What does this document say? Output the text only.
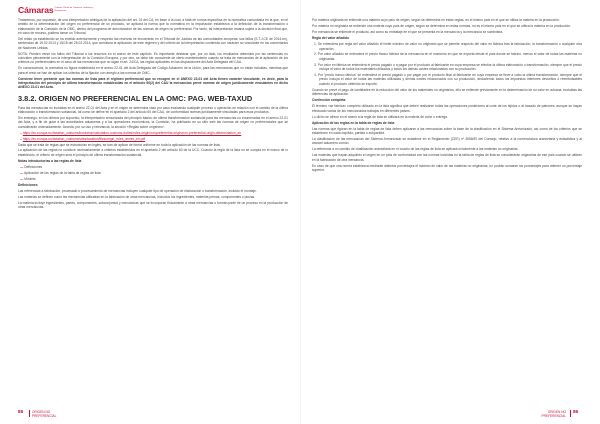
Cámaras Cámara Oficial de Comercio, Industria y Navegación

Trataremos, por supuesto, de una interpretación ambigua de la aplicación del art. 24 del CA, en base a la cual, a falta de norma específica en la normativa comunitaria en la que, en el ámbito de la determinación del origen no preferencial de un producto, se aplicará la norma que la normativa en la importación establezca a la definición de la transformación o elaboración de la Comisión de la OMC, dentro del programa de armonización de las normas de origen no preferencial. Por tanto, tal interpretación estaría sujeta a la decisión final que, en caso de recurso, pudiera tomar un Tribunal.

Del relato ya establecido se ha emitido anteriormente y respecto las reservas se encuentran en el Tribunal de Justicia de las comunidades europeas: sus fallos (S.T.J.CE de 2014-en), sentencias de 15.02.2013 y 15/18 del 25.02.2014, que cuestiona la aplicación de este régimen y del criterio de la interpretación contenida con carácter no vinculante en los comentarios de Naciones Unidas.

NOTA: Pueden verse los fallos del Tribunal a los recursos en el anexo de este capítulo. Es importante destacar que, por un lado, los resultados obtenidos por las sentencias no coinciden plenamente con la interpretación de la Comisión Europea, y por otro, se debe ser consciente de cierto mantenimiento cuando se trata de mercancías de la aplicación de los criterios no preferenciales en el caso de las mercancías que no sigan el art. 24/CA, las reglas aplicables en las disposiciones del Acta Delegada del CAU.

En consecuencia, la normativa no figura establecida en el anexo 22-01 del Acta Delegada del Código Aduanero de la Unión, para las mercancías que no están incluidas, mientras que para el resto se han de aplicar los criterios de la fijación con arreglo a las normas de OMC.

Conviene tener presente que las normas de lista para el régimen preferencial que se recogen en el ANEXO 22-01 del Acta tienen carácter vinculante, es decir, para la interpretación del principio de última transformación establecidas en el artículo 60(2) del CAU la mercancías prevé normas de origen jurídicamente vinculantes en dicho ANEXO 22-01 del Acta.

3.8.2. ORIGEN NO PREFERENCIAL EN LA OMC: PAG. WEB-TAXUD

Para las mercancías no incluidas en el anexo 22-01 del Acta y en el origen se determina caso por caso evaluando cualquier proceso u operación en relación con el cambio de la última elaboración o transformación sustancial, tal como se define en el apartado 2 del artículo 60 del CAU, de conformidad normas jurídicamente vinculadas para esos productos.

Sin embargo, en los últimos por supuesto, la interpretación armonizada del principio básico de última transformación sustancial para las mercancías no enumeradas en el anexo 22-01 del Acta, y a fin de guiar a las autoridades aduaneras y a los operadores económicos, la Comisión, ha publicado en su sitio web las normas de origen no preferenciales que se considerarán ordenadamente. Acceda, por su uso y relevancia, la sección «Reglas sobre orígenes».

– https://ec.europa.eu/taxation_customs/business/calculation-customs-duties/rules-origin/nonpreferential-origin/non-preferential-origin-determination_en

– https://ec.europa.eu/taxation_customs/sites/taxation/files/origin_rules_annex_en.pdf

Dada que se trata de reglas que se estructuran en inglés, se han de aplicar de forma uniforme en toda la aplicación de las normas de lista.

La aplicación de las reglas no conduce necesariamente a criterios establecidos en el apartado 2 del artículo 60 de la UCC. Cuando la regla de la lista no se cumpla en el marco de lo establecido, el criterio de origen será el principio de última transformación sustancial.

Notas introductorias a las reglas de lista

— Definiciones

— Aplicación de las reglas de la tabla de reglas de lista

— Mínimis

Definiciones

Las referencias a fabricación, procesado o procesamiento de mercancías incluyen cualquier tipo de operación de elaboración o transformación, incluido el montaje.

Las materias se definen como las mercancías utilizadas en la fabricación de otras mercancías, incluidos los ingredientes, materias primas, componentes o piezas.

La materia incluye ingredientes, partes, componentes, subconjuntos y mercancías que se incorporan físicamente a otras mercancías o forman parte de un proceso en la producción de otras mercancías.

85	ORIGEN NO PREFERENCIAL

Por materia originaria se entiende una materia cuyo país de origen, según se determina en estas reglas, es el mismo país en el que se utiliza la materia en la producción.

Por materia no originaria se entiende una materia cuyo país de origen, según se determina en estas normas, no es el mismo país en el que se utiliza la materia en la producción.

Por mercancía se entiende el producto, así como su embalaje en el que se presenta en la mercancía y la mercancía se suministra.

Regla del valor añadido

1. Se entenderá por regla del valor añadido el límite máximo de valor no originario que se permite respecto del valor en fábrica tras la fabricación, la transformación o cualquier otra operación.

2. Por valor añadido se entenderá el precio franco fábrica de la mercancía en el momento en que se exporta desde el país donde se fabricó, menos el valor de todas las materias no originarias.

3. Por valor en fábrica se entenderá el precio pagado o a pagar por el producto al fabricante en cuya empresa se efectúe la última elaboración o transformación, siempre que el precio incluya el valor de todos los materiales utilizados y todos los demás costes relacionados con su producción.

4. Por “precio franco fábrica” se entenderá el precio pagado o por pagar por el producto final al fabricante en cuya empresa se lleve a cabo la última transformación, siempre que el precio incluya el valor de todas las materias utilizadas y demás costes relacionados con su producción, deduciendo todos los impuestos interiores devueltos o reembolsables cuando el producto obtenido se exporte.

Cuando se prevé el pago de cantidades en la reducción del valor de los materiales no originarios, ello se entiende previamente en la determinación de su valor en aduana, excluidas las diferencias de aplicación.

Confección completa

El término «se fabrica» completo utilizado en la lista significa que deben realizarse todas las operaciones posteriores al corte de los tejidos o al trazado de patrones, aunque se hayan efectuado varios de los mencionados trabajos en diferentes países.

Lo dicho se ofrece en el anexo a la regla de lista se utilizará en la materia de corte o entrega.

Aplicación de las reglas en la tabla de reglas de lista

Las normas que figuran en la tabla de reglas de lista deben aplicarse a las mercancías sobre la base de la clasificación en el Sistema Armonizado, así como de los criterios que se establecen en cada capítulo, partida o subpartida.

La clasificación de las mercancías del Sistema Armonizado se establece en el Reglamento (CEE) nº 2658/87 del Consejo, relativo a la nomenclatura arancelaria y estadística y al arancel aduanero común.

La referencia a un cambio de clasificación arancelaria en el cuadro de las reglas de lista se aplicará únicamente a las materias no originarias.

Las materias que hayan adquirido el origen en un país de conformidad con las normas incluidas en la tabla de reglas de lista se considerarán originarias de ese país cuando se utilicen en la fabricación de otra mercancía.

En caso de que una norma establezca mediante distintos porcentajes el máximo de valor de las materias no originarias, no podrán sumarse los porcentajes para obtener un porcentaje superior.

ORIGEN NO PREFERENCIAL
86
